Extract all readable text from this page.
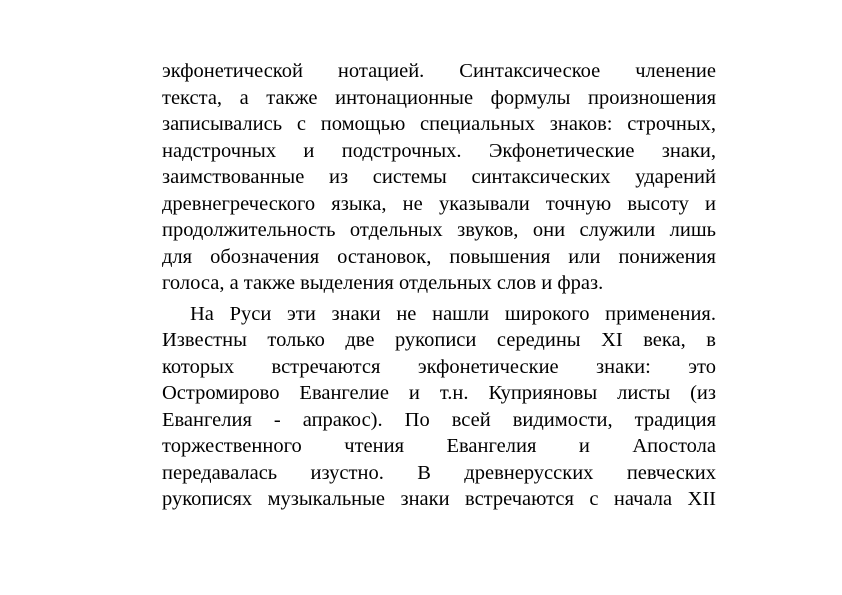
экфонетической нотацией. Синтаксическое членение
текста, а также интонационные формулы произношения
записывались с помощью специальных знаков: строчных,
надстрочных и подстрочных. Экфонетические знаки,
заимствованные из системы синтаксических ударений
древнегреческого языка, не указывали точную высоту и
продолжительность отдельных звуков, они служили лишь
для обозначения остановок, повышения или понижения
голоса, а также выделения отдельных слов и фраз.
На Руси эти знаки не нашли широкого применения.
Известны только две рукописи середины XI века, в
которых встречаются экфонетические знаки: это
Остромирово Евангелие и т.н. Куприяновы листы (из
Евангелия - апракос). По всей видимости, традиция
торжественного чтения Евангелия и Апостола
передавалась изустно. В древнерусских певческих
рукописях музыкальные знаки встречаются с начала XII
